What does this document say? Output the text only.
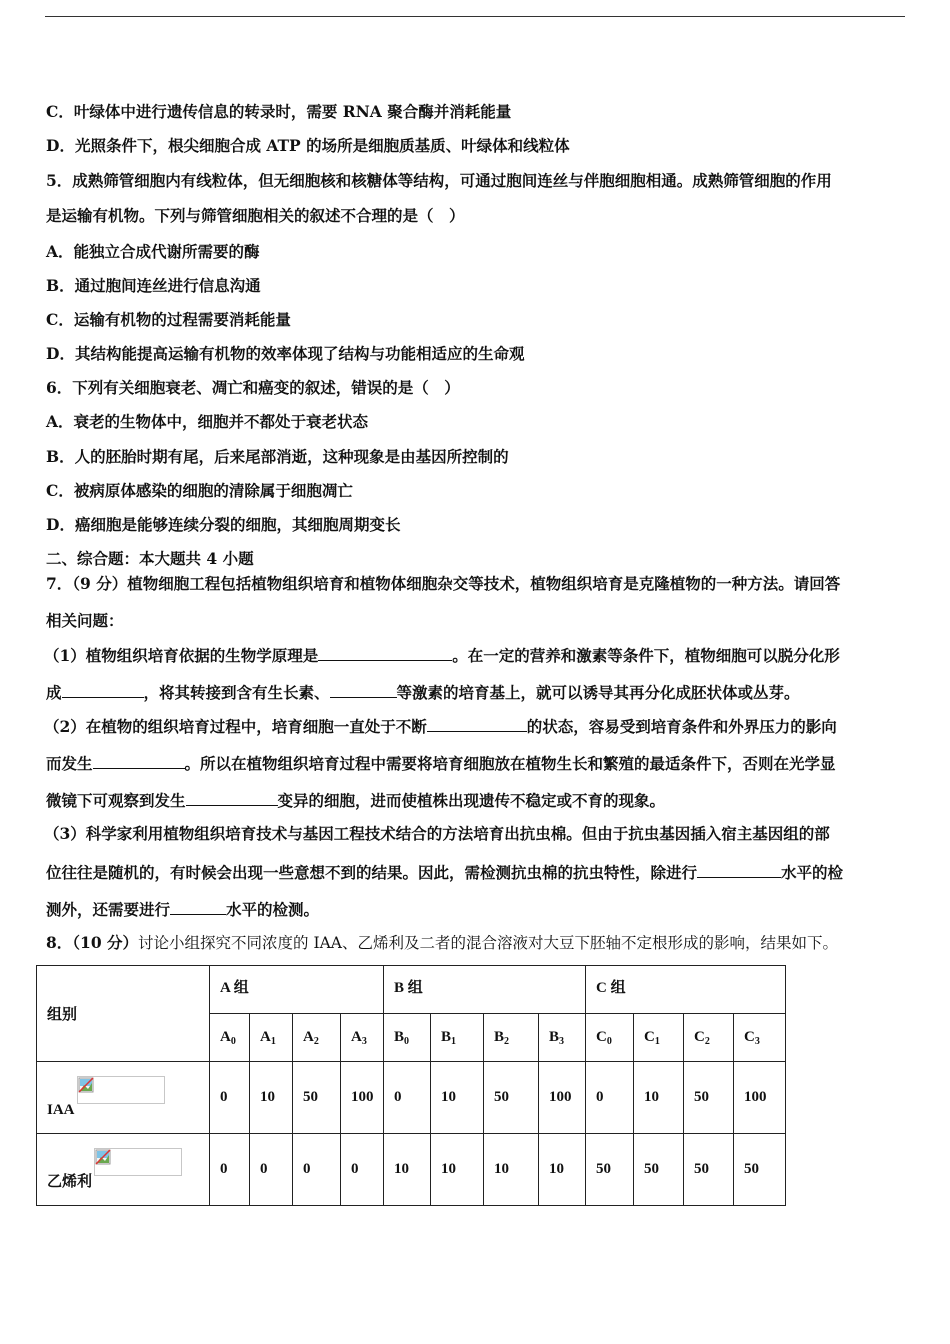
C．叶绿体中进行遗传信息的转录时，需要 RNA 聚合酶并消耗能量
D．光照条件下，根尖细胞合成 ATP 的场所是细胞质基质、叶绿体和线粒体
5．成熟筛管细胞内有线粒体，但无细胞核和核糖体等结构，可通过胞间连丝与伴胞细胞相通。成熟筛管细胞的作用
是运输有机物。下列与筛管细胞相关的叙述不合理的是（　）
A．能独立合成代谢所需要的酶
B．通过胞间连丝进行信息沟通
C．运输有机物的过程需要消耗能量
D．其结构能提高运输有机物的效率体现了结构与功能相适应的生命观
6．下列有关细胞衰老、凋亡和癌变的叙述，错误的是（　）
A．衰老的生物体中，细胞并不都处于衰老状态
B．人的胚胎时期有尾，后来尾部消逝，这种现象是由基因所控制的
C．被病原体感染的细胞的清除属于细胞凋亡
D．癌细胞是能够连续分裂的细胞，其细胞周期变长
二、综合题：本大题共 4 小题
7．（9 分）植物细胞工程包括植物组织培育和植物体细胞杂交等技术，植物组织培育是克隆植物的一种方法。请回答
相关问题：
（1）植物组织培育依据的生物学原理是	。在一定的营养和激素等条件下，植物细胞可以脱分化形
成	，将其转接到含有生长素、	等激素的培育基上，就可以诱导其再分化成胚状体或丛芽。
（2）在植物的组织培育过程中，培育细胞一直处于不断	的状态，容易受到培育条件和外界压力的影向
而发生	。所以在植物组织培育过程中需要将培育细胞放在植物生长和繁殖的最适条件下，否则在光学显
微镜下可观察到发生	变异的细胞，进而使植株出现遗传不稳定或不育的现象。
（3）科学家利用植物组织培育技术与基因工程技术结合的方法培育出抗虫棉。但由于抗虫基因插入宿主基因组的部
位往往是随机的，有时候会出现一些意想不到的结果。因此，需检测抗虫棉的抗虫特性，除进行	水平的检
测外，还需要进行	水平的检测。
8．（10 分）讨论小组探究不同浓度的 IAA、乙烯利及二者的混合溶液对大豆下胚轴不定根形成的影响，结果如下。
组别	A 组				B 组				C 组			
	$A_0$	$A_1$	$A_2$	$A_3$	$B_0$	$B_1$	$B_2$	$B_3$	$C_0$	$C_1$	$C_2$	$C_3$
IAA	0	10	50	100	0	10	50	100	0	10	50	100
乙烯利	0	0	0	0	10	10	10	10	50	50	50	50
